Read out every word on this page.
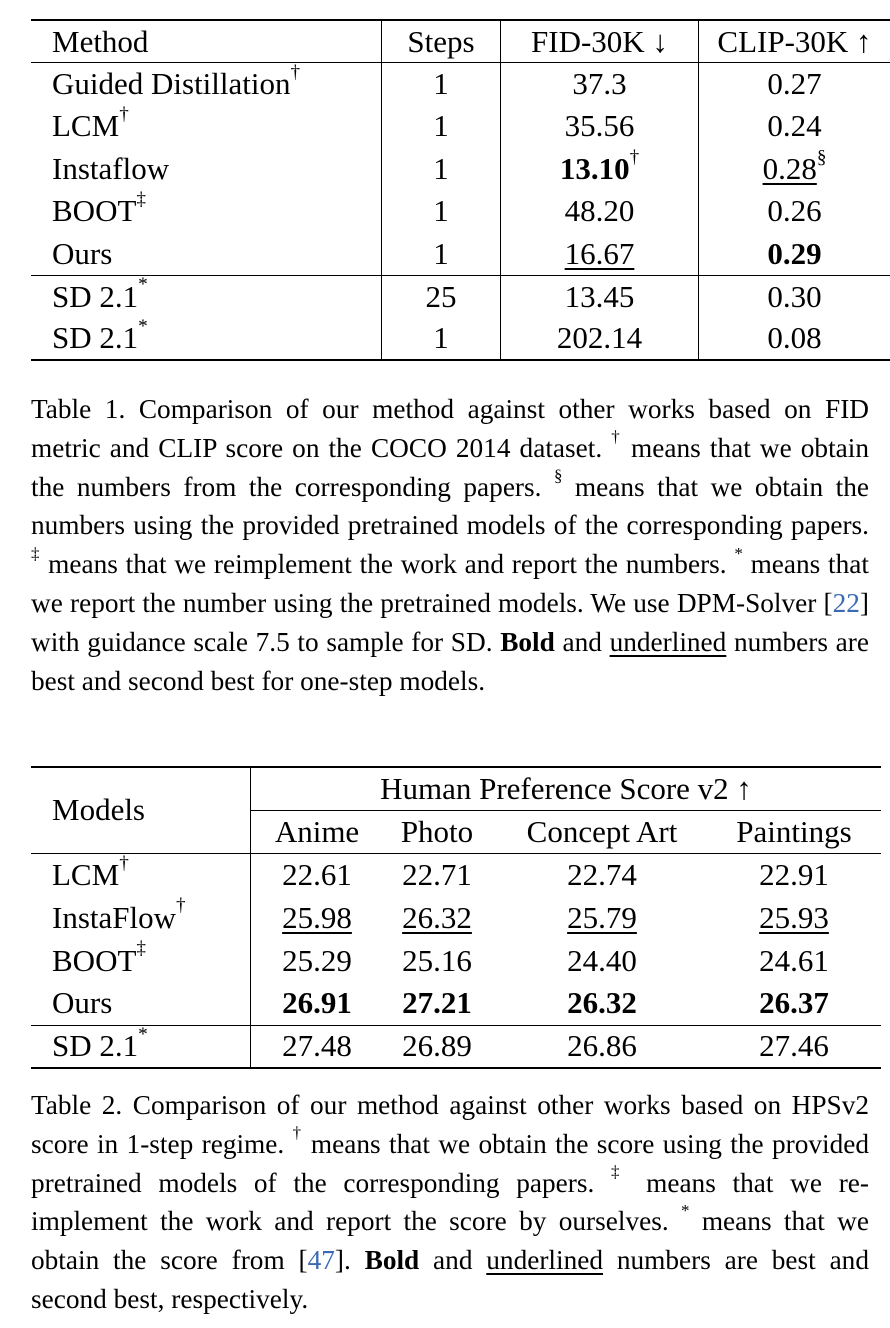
Method	Steps	FID-30K ↓	CLIP-30K ↑
Guided Distillation†	1	37.3	0.27
LCM†	1	35.56	0.24
Instaflow	1	13.10†	0.28§
BOOT‡	1	48.20	0.26
Ours	1	16.67	0.29
SD 2.1*	25	13.45	0.30
SD 2.1*	1	202.14	0.08
Table 1. Comparison of our method against other works based on FID metric and CLIP score on the COCO 2014 dataset. † means that we obtain the numbers from the corresponding papers. § means that we obtain the numbers using the provided pretrained models of the corresponding papers. ‡ means that we reimplement the work and report the numbers. * means that we report the number using the pretrained models. We use DPM-Solver [22] with guidance scale 7.5 to sample for SD. Bold and underlined numbers are best and second best for one-step models.
Models	Human Preference Score v2 ↑			
	Anime	Photo	Concept Art	Paintings
LCM†	22.61	22.71	22.74	22.91
InstaFlow†	25.98	26.32	25.79	25.93
BOOT‡	25.29	25.16	24.40	24.61
Ours	26.91	27.21	26.32	26.37
SD 2.1*	27.48	26.89	26.86	27.46
Table 2. Comparison of our method against other works based on HPSv2 score in 1-step regime. † means that we obtain the score using the provided pretrained models of the corresponding papers. ‡ means that we re-implement the work and report the score by ourselves. * means that we obtain the score from [47]. Bold and underlined numbers are best and second best, respectively.
